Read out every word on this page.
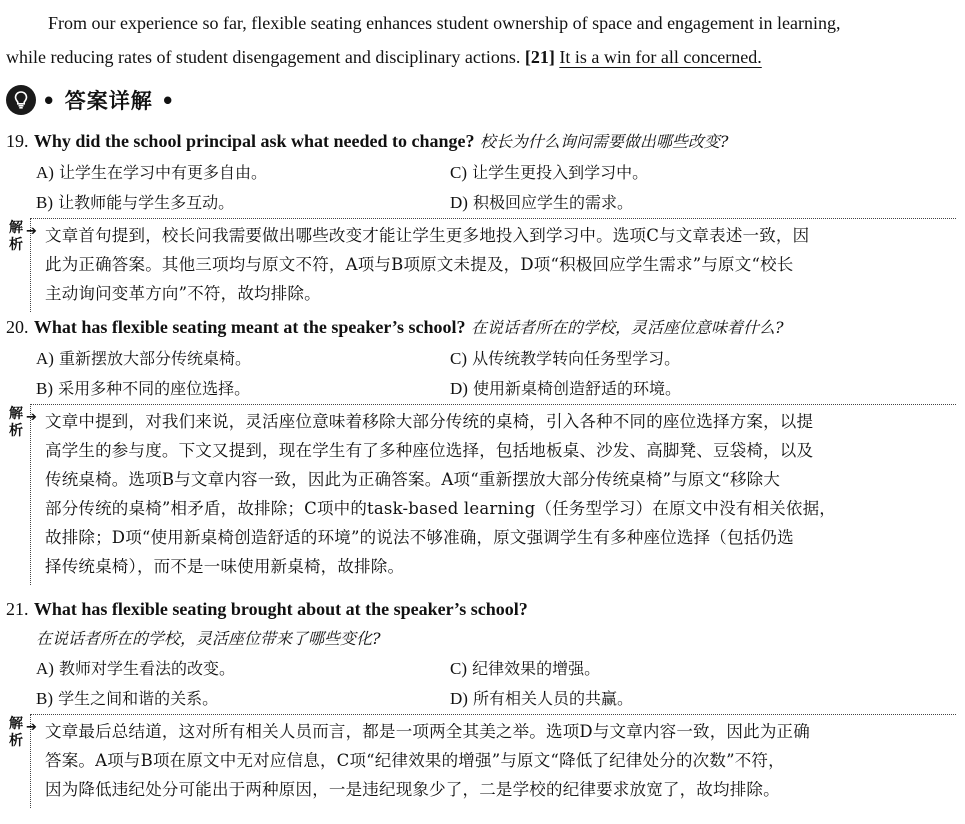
From our experience so far, flexible seating enhances student ownership of space and engagement in learning,

while reducing rates of student disengagement and disciplinary actions. [21] It is a win for all concerned.

• 答案详解 •
19. Why did the school principal ask what needed to change? 校长为什么询问需要做出哪些改变?
A) 让学生在学习中有更多自由。	C) 让学生更投入到学习中。
B) 让教师能与学生多互动。	D) 积极回应学生的需求。
解析
➔ 文章首句提到，校长问我需要做出哪些改变才能让学生更多地投入到学习中。选项C与文章表述一致，因
此为正确答案。其他三项均与原文不符，A项与B项原文未提及，D项“积极回应学生需求”与原文“校长
主动询问变革方向”不符，故均排除。
20. What has flexible seating meant at the speaker’s school? 在说话者所在的学校，灵活座位意味着什么?
A) 重新摆放大部分传统桌椅。	C) 从传统教学转向任务型学习。
B) 采用多种不同的座位选择。	D) 使用新桌椅创造舒适的环境。
解析
➔ 文章中提到，对我们来说，灵活座位意味着移除大部分传统的桌椅，引入各种不同的座位选择方案，以提
高学生的参与度。下文又提到，现在学生有了多种座位选择，包括地板桌、沙发、高脚凳、豆袋椅，以及
传统桌椅。选项B与文章内容一致，因此为正确答案。A项“重新摆放大部分传统桌椅”与原文“移除大
部分传统的桌椅”相矛盾，故排除；C项中的task-based learning（任务型学习）在原文中没有相关依据，
故排除；D项“使用新桌椅创造舒适的环境”的说法不够准确，原文强调学生有多种座位选择（包括仍选
择传统桌椅），而不是一味使用新桌椅，故排除。
21. What has flexible seating brought about at the speaker’s school?
在说话者所在的学校，灵活座位带来了哪些变化?
A) 教师对学生看法的改变。	C) 纪律效果的增强。
B) 学生之间和谐的关系。	D) 所有相关人员的共赢。
解析
➔ 文章最后总结道，这对所有相关人员而言，都是一项两全其美之举。选项D与文章内容一致，因此为正确
答案。A项与B项在原文中无对应信息，C项“纪律效果的增强”与原文“降低了纪律处分的次数”不符，
因为降低违纪处分可能出于两种原因，一是违纪现象少了，二是学校的纪律要求放宽了，故均排除。
